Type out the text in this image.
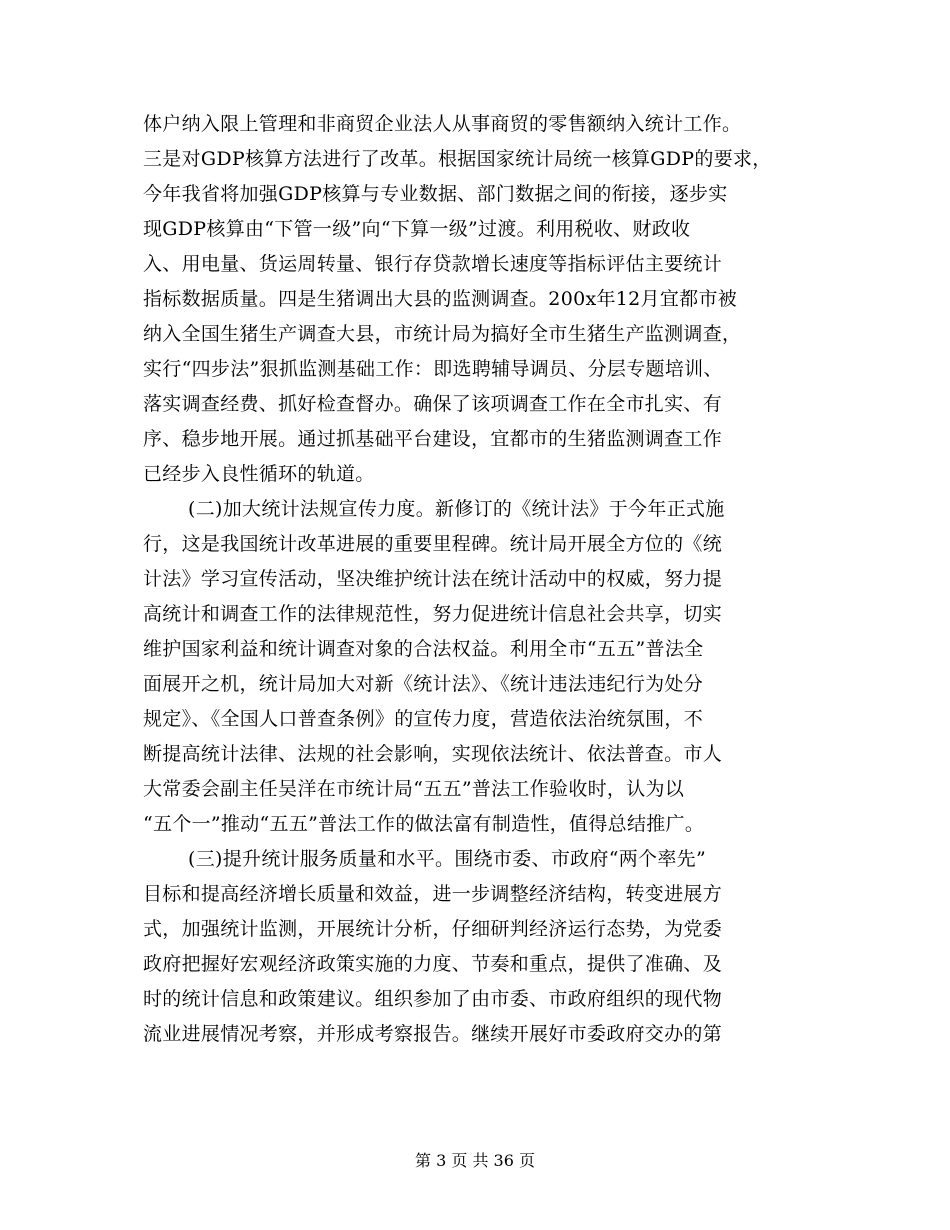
体户纳入限上管理和非商贸企业法人从事商贸的零售额纳入统计工作。
三是对GDP核算方法进行了改革。根据国家统计局统一核算GDP的要求，
今年我省将加强GDP核算与专业数据、部门数据之间的衔接，逐步实
现GDP核算由“下管一级”向“下算一级”过渡。利用税收、财政收
入、用电量、货运周转量、银行存贷款增长速度等指标评估主要统计
指标数据质量。四是生猪调出大县的监测调查。200x年12月宜都市被
纳入全国生猪生产调查大县，市统计局为搞好全市生猪生产监测调查，
实行“四步法”狠抓监测基础工作：即选聘辅导调员、分层专题培训、
落实调查经费、抓好检查督办。确保了该项调查工作在全市扎实、有
序、稳步地开展。通过抓基础平台建设，宜都市的生猪监测调查工作
已经步入良性循环的轨道。
(二)加大统计法规宣传力度。新修订的《统计法》于今年正式施
行，这是我国统计改革进展的重要里程碑。统计局开展全方位的《统
计法》学习宣传活动，坚决维护统计法在统计活动中的权威，努力提
高统计和调查工作的法律规范性，努力促进统计信息社会共享，切实
维护国家利益和统计调查对象的合法权益。利用全市“五五”普法全
面展开之机，统计局加大对新《统计法》、《统计违法违纪行为处分
规定》、《全国人口普查条例》的宣传力度，营造依法治统氛围，不
断提高统计法律、法规的社会影响，实现依法统计、依法普查。市人
大常委会副主任吴洋在市统计局“五五”普法工作验收时，认为以
“五个一”推动“五五”普法工作的做法富有制造性，值得总结推广。
(三)提升统计服务质量和水平。围绕市委、市政府“两个率先”
目标和提高经济增长质量和效益，进一步调整经济结构，转变进展方
式，加强统计监测，开展统计分析，仔细研判经济运行态势，为党委
政府把握好宏观经济政策实施的力度、节奏和重点，提供了准确、及
时的统计信息和政策建议。组织参加了由市委、市政府组织的现代物
流业进展情况考察，并形成考察报告。继续开展好市委政府交办的第
第 3 页 共 36 页
